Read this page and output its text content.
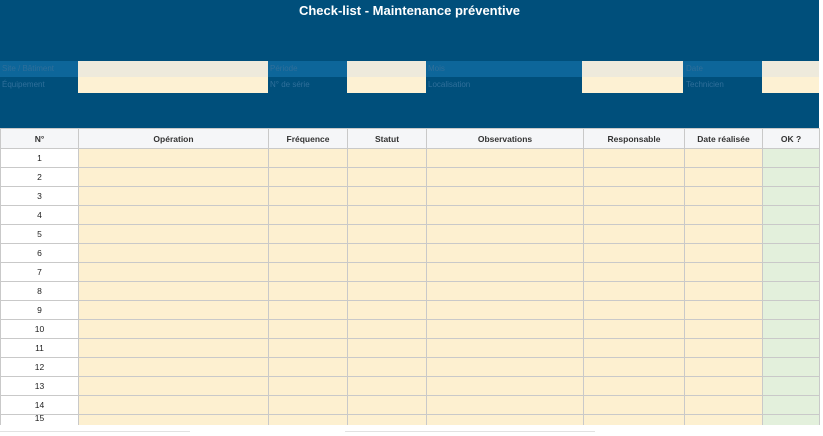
Check-list - Maintenance préventive
Site / Bâtiment	Période	Mois	Date
Équipement	N° de série	Localisation	Technicien
N°	Opération	Fréquence	Statut	Observations	Responsable	Date réalisée	OK ?
1							
2							
3							
4							
5							
6							
7							
8							
9							
10							
11							
12							
13							
14							
15							
